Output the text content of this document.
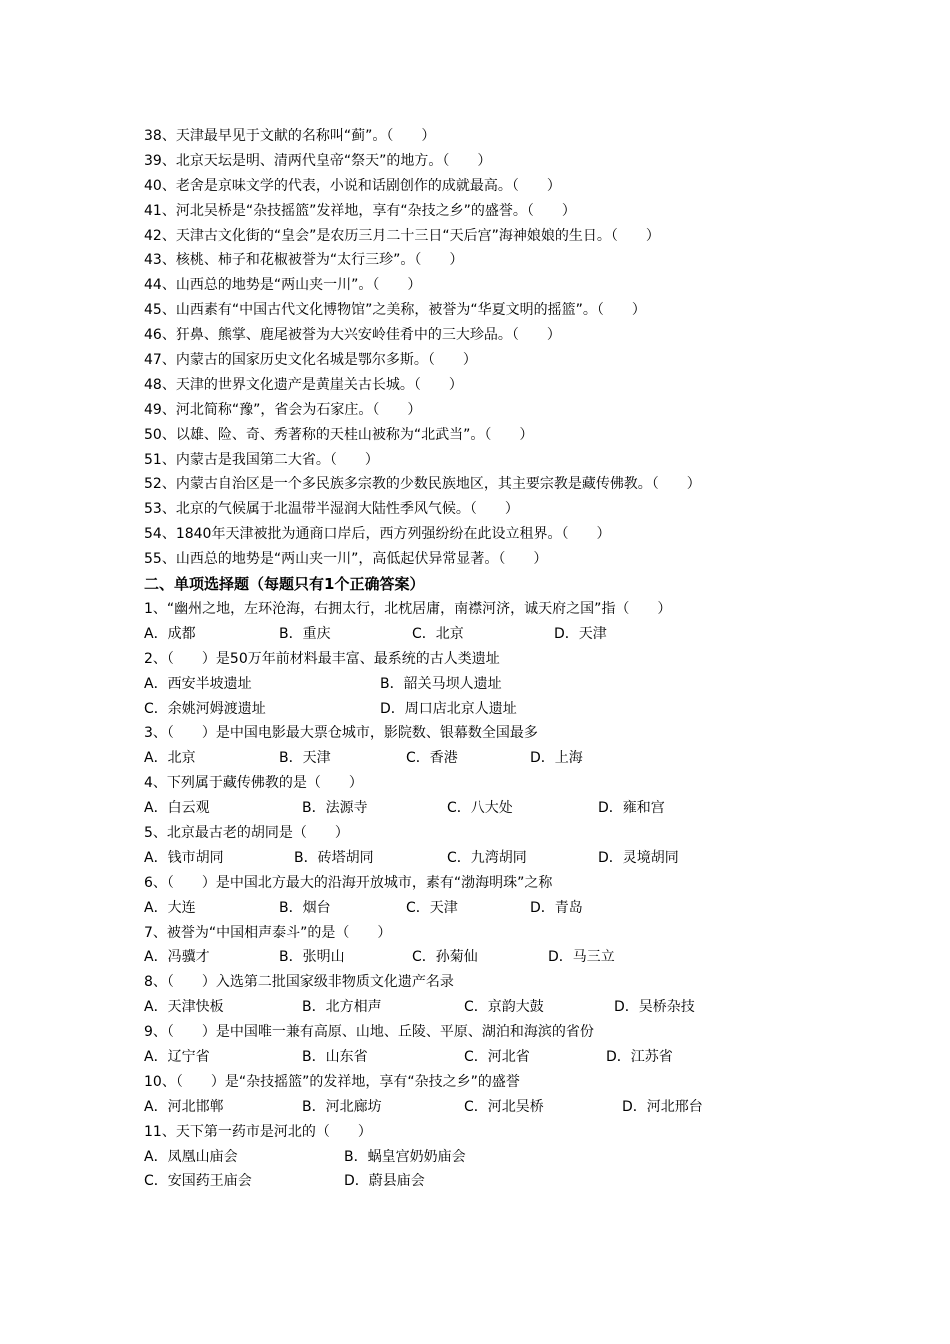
38、天津最早见于文献的名称叫“蓟”。（　　）
39、北京天坛是明、清两代皇帝“祭天”的地方。（　　）
40、老舍是京味文学的代表，小说和话剧创作的成就最高。（　　）
41、河北吴桥是“杂技摇篮”发祥地，享有“杂技之乡”的盛誉。（　　）
42、天津古文化街的“皇会”是农历三月二十三日“天后宫”海神娘娘的生日。（　　）
43、核桃、柿子和花椒被誉为“太行三珍”。（　　）
44、山西总的地势是“两山夹一川”。（　　）
45、山西素有“中国古代文化博物馆”之美称，被誉为“华夏文明的摇篮”。（　　）
46、犴鼻、熊掌、鹿尾被誉为大兴安岭佳肴中的三大珍品。（　　）
47、内蒙古的国家历史文化名城是鄂尔多斯。（　　）
48、天津的世界文化遗产是黄崖关古长城。（　　）
49、河北简称“豫”，省会为石家庄。（　　）
50、以雄、险、奇、秀著称的天桂山被称为“北武当”。（　　）
51、内蒙古是我国第二大省。（　　）
52、内蒙古自治区是一个多民族多宗教的少数民族地区，其主要宗教是藏传佛教。（　　）
53、北京的气候属于北温带半湿润大陆性季风气候。（　　）
54、1840年天津被批为通商口岸后，西方列强纷纷在此设立租界。（　　）
55、山西总的地势是“两山夹一川”，高低起伏异常显著。（　　）
二、单项选择题（每题只有1个正确答案）
1、“幽州之地，左环沧海，右拥太行，北枕居庸，南襟河济，诚天府之国”指（　　）
A．成都	B．重庆	C．北京	D．天津
2、（　　）是50万年前材料最丰富、最系统的古人类遗址
A．西安半坡遗址	B．韶关马坝人遗址
C．余姚河姆渡遗址	D．周口店北京人遗址
3、（　　）是中国电影最大票仓城市，影院数、银幕数全国最多
A．北京	B．天津	C．香港	D．上海
4、下列属于藏传佛教的是（　　）
A．白云观	B．法源寺	C．八大处	D．雍和宫
5、北京最古老的胡同是（　　）
A．钱市胡同	B．砖塔胡同	C．九湾胡同	D．灵境胡同
6、（　　）是中国北方最大的沿海开放城市，素有“渤海明珠”之称
A．大连	B．烟台	C．天津	D．青岛
7、被誉为“中国相声泰斗”的是（　　）
A．冯骥才	B．张明山	C．孙菊仙	D．马三立
8、（　　）入选第二批国家级非物质文化遗产名录
A．天津快板	B．北方相声	C．京韵大鼓	D．吴桥杂技
9、（　　）是中国唯一兼有高原、山地、丘陵、平原、湖泊和海滨的省份
A．辽宁省	B．山东省	C．河北省	D．江苏省
10、（　　）是“杂技摇篮”的发祥地，享有“杂技之乡”的盛誉
A．河北邯郸	B．河北廊坊	C．河北吴桥	D．河北邢台
11、天下第一药市是河北的（　　）
A．凤凰山庙会	B．蜗皇宫奶奶庙会
C．安国药王庙会	D．蔚县庙会
